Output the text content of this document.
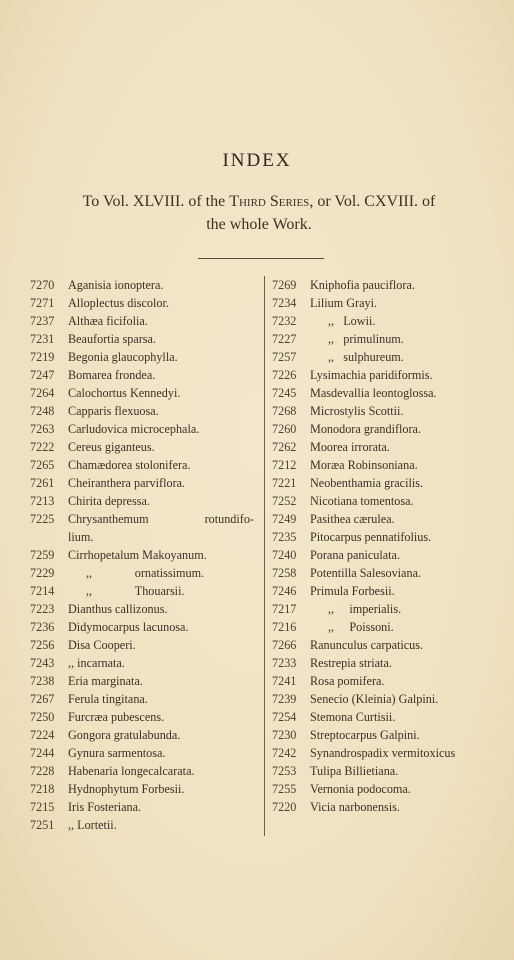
INDEX
To Vol. XLVIII. of the Third Series, or Vol. CXVIII. of
the whole Work.
7270 Aganisia ionoptera.
7271 Alloplectus discolor.
7237 Althæa ficifolia.
7231 Beaufortia sparsa.
7219 Begonia glaucophylla.
7247 Bomarea frondea.
7264 Calochortus Kennedyi.
7248 Capparis flexuosa.
7263 Carludovica microcephala.
7222 Cereus giganteus.
7265 Chamædorea stolonifera.
7261 Cheiranthera parviflora.
7213 Chirita depressa.
7225 Chrysanthemum rotundifo-
lium.
7259 Cirrhopetalum Makoyanum.
7229	,,              ornatissimum.
7214	,,              Thouarsii.
7223 Dianthus callizonus.
7236 Didymocarpus lacunosa.
7256 Disa Cooperi.
7243 ,, incarnata.
7238 Eria marginata.
7267 Ferula tingitana.
7250 Furcræa pubescens.
7224 Gongora gratulabunda.
7244 Gynura sarmentosa.
7228 Habenaria longecalcarata.
7218 Hydnophytum Forbesii.
7215 Iris Fosteriana.
7251 ,, Lortetii.
7269 Kniphofia pauciflora.
7234 Lilium Grayi.
7232	,,   Lowii.
7227	,,   primulinum.
7257	,,   sulphureum.
7226 Lysimachia paridiformis.
7245 Masdevallia leontoglossa.
7268 Microstylis Scottii.
7260 Monodora grandiflora.
7262 Moorea irrorata.
7212 Moræa Robinsoniana.
7221 Neobenthamia gracilis.
7252 Nicotiana tomentosa.
7249 Pasithea cærulea.
7235 Pitocarpus pennatifolius.
7240 Porana paniculata.
7258 Potentilla Salesoviana.
7246 Primula Forbesii.
7217	,,     imperialis.
7216	,,     Poissoni.
7266 Ranunculus carpaticus.
7233 Restrepia striata.
7241 Rosa pomifera.
7239 Senecio (Kleinia) Galpini.
7254 Stemona Curtisii.
7230 Streptocarpus Galpini.
7242 Synandrospadix vermitoxicus
7253 Tulipa Billietiana.
7255 Vernonia podocoma.
7220 Vicia narbonensis.
